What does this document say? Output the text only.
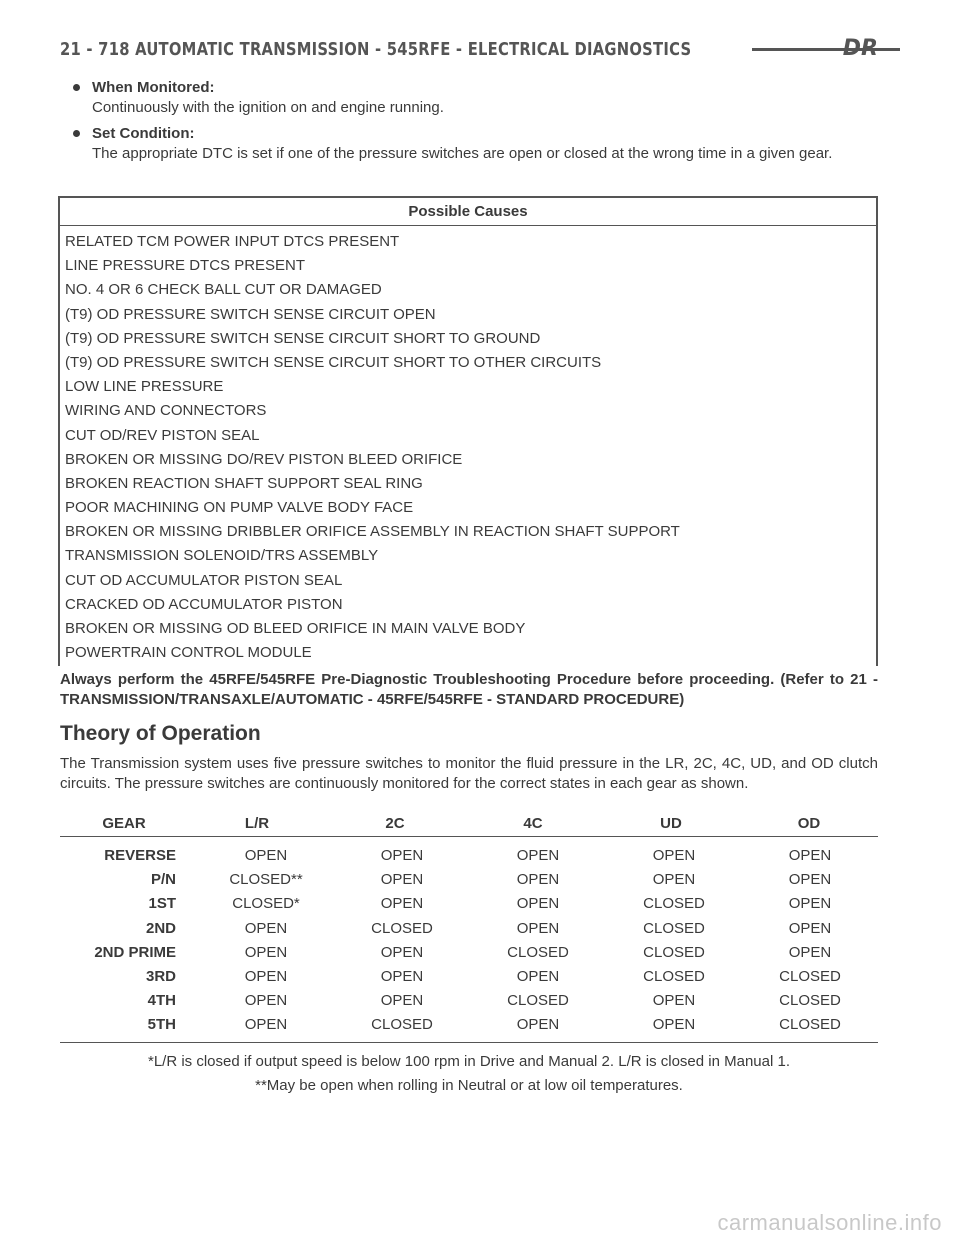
21 - 718 AUTOMATIC TRANSMISSION - 545RFE - ELECTRICAL DIAGNOSTICS	DR
When Monitored:
Continuously with the ignition on and engine running.
Set Condition:
The appropriate DTC is set if one of the pressure switches are open or closed at the wrong time in a given gear.
Possible Causes
RELATED TCM POWER INPUT DTCS PRESENT
LINE PRESSURE DTCS PRESENT
NO. 4 OR 6 CHECK BALL CUT OR DAMAGED
(T9) OD PRESSURE SWITCH SENSE CIRCUIT OPEN
(T9) OD PRESSURE SWITCH SENSE CIRCUIT SHORT TO GROUND
(T9) OD PRESSURE SWITCH SENSE CIRCUIT SHORT TO OTHER CIRCUITS
LOW LINE PRESSURE
WIRING AND CONNECTORS
CUT OD/REV PISTON SEAL
BROKEN OR MISSING DO/REV PISTON BLEED ORIFICE
BROKEN REACTION SHAFT SUPPORT SEAL RING
POOR MACHINING ON PUMP VALVE BODY FACE
BROKEN OR MISSING DRIBBLER ORIFICE ASSEMBLY IN REACTION SHAFT SUPPORT
TRANSMISSION SOLENOID/TRS ASSEMBLY
CUT OD ACCUMULATOR PISTON SEAL
CRACKED OD ACCUMULATOR PISTON
BROKEN OR MISSING OD BLEED ORIFICE IN MAIN VALVE BODY
POWERTRAIN CONTROL MODULE
Always perform the 45RFE/545RFE Pre-Diagnostic Troubleshooting Procedure before proceeding. (Refer to 21 - TRANSMISSION/TRANSAXLE/AUTOMATIC - 45RFE/545RFE - STANDARD PROCEDURE)
Theory of Operation
The Transmission system uses five pressure switches to monitor the fluid pressure in the LR, 2C, 4C, UD, and OD clutch circuits. The pressure switches are continuously monitored for the correct states in each gear as shown.
GEAR	L/R	2C	4C	UD	OD
REVERSE	OPEN	OPEN	OPEN	OPEN	OPEN
P/N	CLOSED**	OPEN	OPEN	OPEN	OPEN
1ST	CLOSED*	OPEN	OPEN	CLOSED	OPEN
2ND	OPEN	CLOSED	OPEN	CLOSED	OPEN
2ND PRIME	OPEN	OPEN	CLOSED	CLOSED	OPEN
3RD	OPEN	OPEN	OPEN	CLOSED	CLOSED
4TH	OPEN	OPEN	CLOSED	OPEN	CLOSED
5TH	OPEN	CLOSED	OPEN	OPEN	CLOSED
*L/R is closed if output speed is below 100 rpm in Drive and Manual 2. L/R is closed in Manual 1.
**May be open when rolling in Neutral or at low oil temperatures.
carmanualsonline.info
